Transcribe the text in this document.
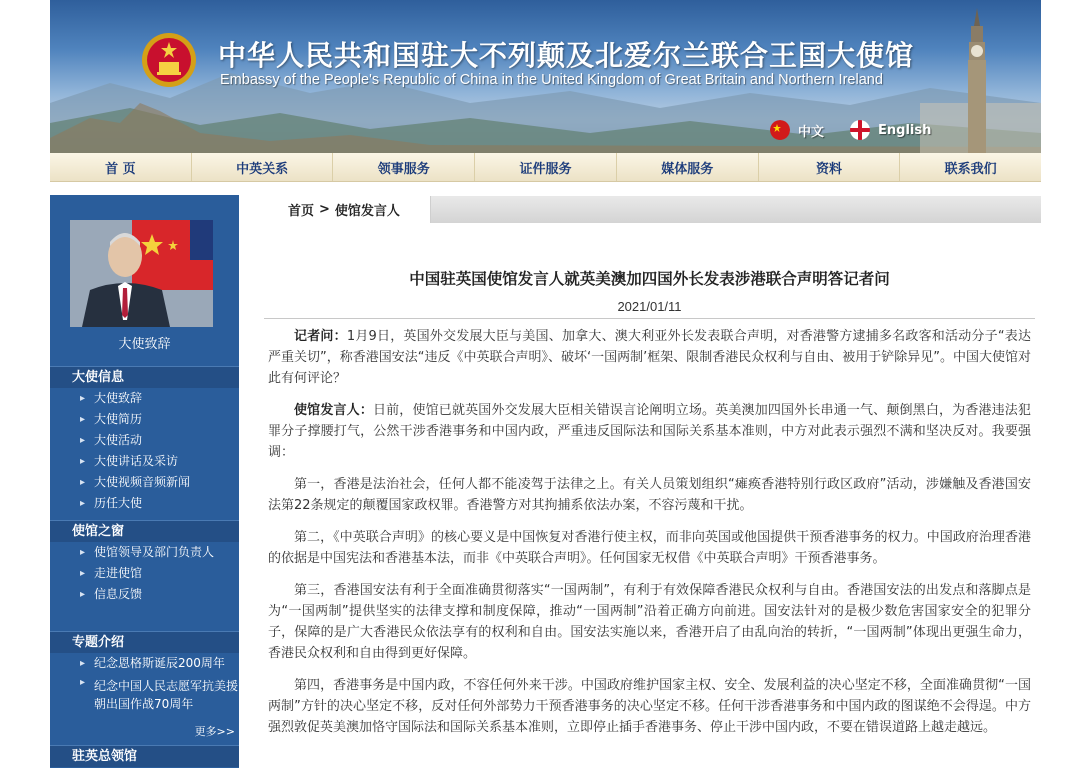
中华人民共和国驻大不列颠及北爱尔兰联合王国大使馆
Embassy of the People's Republic of China in the United Kingdom of Great Britain and Northern Ireland
中文	English
首 页	中英关系	领事服务	证件服务	媒体服务	资料	联系我们
大使致辞
大使信息
▸ 大使致辞
▸ 大使简历
▸ 大使活动
▸ 大使讲话及采访
▸ 大使视频音频新闻
▸ 历任大使
使馆之窗
▸ 使馆领导及部门负责人
▸ 走进使馆
▸ 信息反馈
专题介绍
▸ 纪念恩格斯诞辰200周年
▸ 纪念中国人民志愿军抗美援朝出国作战70周年
更多>>
驻英总领馆
首页 > 使馆发言人
中国驻英国使馆发言人就英美澳加四国外长发表涉港联合声明答记者问
2021/01/11

记者问：1月9日，英国外交发展大臣与美国、加拿大、澳大利亚外长发表联合声明，对香港警方逮捕多名政客和活动分子“表达严重关切”，称香港国安法“违反《中英联合声明》、破坏‘一国两制’框架、限制香港民众权利与自由、被用于铲除异见”。中国大使馆对此有何评论？

使馆发言人：日前，使馆已就英国外交发展大臣相关错误言论阐明立场。英美澳加四国外长串通一气、颠倒黑白，为香港违法犯罪分子撑腰打气，公然干涉香港事务和中国内政，严重违反国际法和国际关系基本准则，中方对此表示强烈不满和坚决反对。我要强调：

第一，香港是法治社会，任何人都不能凌驾于法律之上。有关人员策划组织“瘫痪香港特别行政区政府”活动，涉嫌触及香港国安法第22条规定的颠覆国家政权罪。香港警方对其拘捕系依法办案，不容污蔑和干扰。

第二，《中英联合声明》的核心要义是中国恢复对香港行使主权，而非向英国或他国提供干预香港事务的权力。中国政府治理香港的依据是中国宪法和香港基本法，而非《中英联合声明》。任何国家无权借《中英联合声明》干预香港事务。

第三，香港国安法有利于全面准确贯彻落实“一国两制”，有利于有效保障香港民众权利与自由。香港国安法的出发点和落脚点是为“一国两制”提供坚实的法律支撑和制度保障，推动“一国两制”沿着正确方向前进。国安法针对的是极少数危害国家安全的犯罪分子，保障的是广大香港民众依法享有的权利和自由。国安法实施以来，香港开启了由乱向治的转折，“一国两制”体现出更强生命力，香港民众权利和自由得到更好保障。

第四，香港事务是中国内政，不容任何外来干涉。中国政府维护国家主权、安全、发展利益的决心坚定不移，全面准确贯彻“一国两制”方针的决心坚定不移，反对任何外部势力干预香港事务的决心坚定不移。任何干涉香港事务和中国内政的图谋绝不会得逞。中方强烈敦促英美澳加恪守国际法和国际关系基本准则，立即停止插手香港事务、停止干涉中国内政，不要在错误道路上越走越远。
